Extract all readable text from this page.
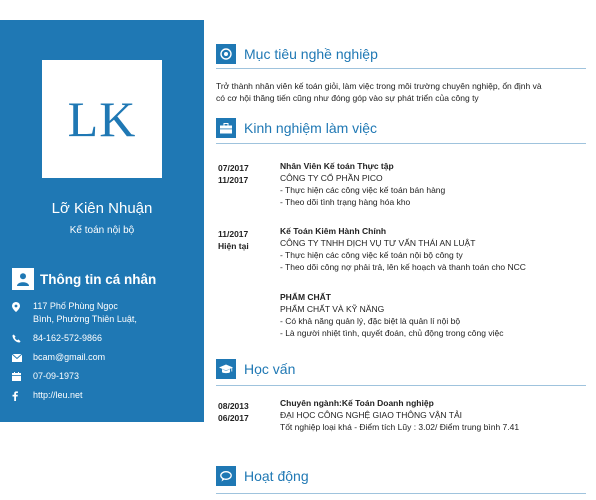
LK
Lỡ Kiên Nhuận
Kế toán nội bộ
Thông tin cá nhân
117 Phố Phùng Ngọc
Bình, Phường Thiên Luật,
84-162-572-9866
bcam@gmail.com
07-09-1973
http://leu.net
Mục tiêu nghề nghiệp
Trở thành nhân viên kế toán giỏi, làm việc trong môi trường chuyên nghiệp, ổn định và
có cơ hội thăng tiến cũng như đóng góp vào sự phát triển của công ty
Kinh nghiệm làm việc
07/2017
11/2017
Nhân Viên Kế toán Thực tập
CÔNG TY CỔ PHẦN PICO
- Thực hiện các công việc kế toán bán hàng
- Theo dõi tình trạng hàng hóa kho
11/2017
Hiện tại
Kế Toán Kiêm Hành Chính
CÔNG TY TNHH DỊCH VỤ TƯ VẤN THÁI AN LUẬT
- Thực hiện các công việc kế toán nội bộ công ty
- Theo dõi công nợ phải trả, lên kế hoạch và thanh toán cho NCC
PHẨM CHẤT
PHẨM CHẤT VÀ KỸ NĂNG
- Có khả năng quản lý, đặc biệt là quản lí nội bộ
- Là người nhiệt tình, quyết đoán, chủ động trong công việc
Học vấn
08/2013
06/2017
Chuyên ngành:Kế Toán Doanh nghiệp
ĐẠI HỌC CÔNG NGHỆ GIAO THÔNG VẬN TẢI
Tốt nghiệp loại khá - Điểm tích Lũy : 3.02/ Điểm trung bình 7.41
Hoạt động
